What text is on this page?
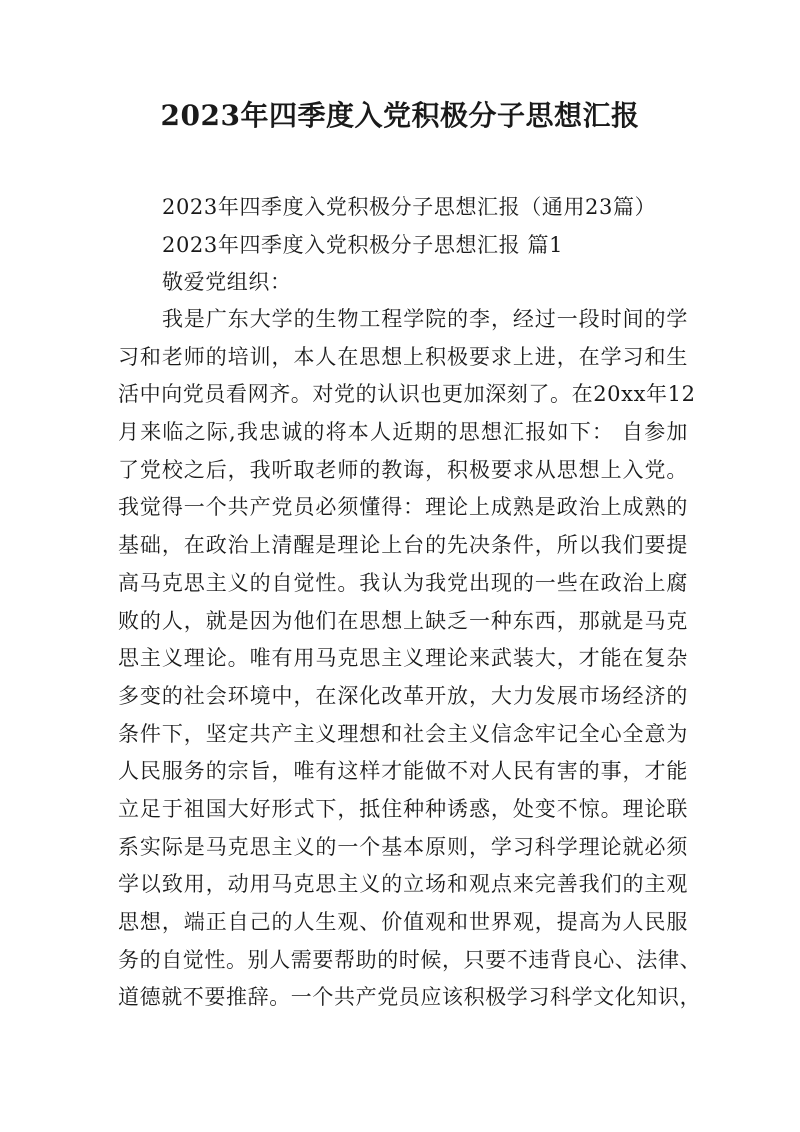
2023年四季度入党积极分子思想汇报
2023年四季度入党积极分子思想汇报（通用23篇）
2023年四季度入党积极分子思想汇报 篇1
敬爱党组织：
我是广东大学的生物工程学院的李，经过一段时间的学
习和老师的培训，本人在思想上积极要求上进，在学习和生
活中向党员看网齐。对党的认识也更加深刻了。在20xx年12
月来临之际,我忠诚的将本人近期的思想汇报如下： 自参加
了党校之后，我听取老师的教诲，积极要求从思想上入党。
我觉得一个共产党员必须懂得：理论上成熟是政治上成熟的
基础，在政治上清醒是理论上台的先决条件，所以我们要提
高马克思主义的自觉性。我认为我党出现的一些在政治上腐
败的人，就是因为他们在思想上缺乏一种东西，那就是马克
思主义理论。唯有用马克思主义理论来武装大，才能在复杂
多变的社会环境中，在深化改革开放，大力发展市场经济的
条件下，坚定共产主义理想和社会主义信念牢记全心全意为
人民服务的宗旨，唯有这样才能做不对人民有害的事，才能
立足于祖国大好形式下，抵住种种诱惑，处变不惊。理论联
系实际是马克思主义的一个基本原则，学习科学理论就必须
学以致用，动用马克思主义的立场和观点来完善我们的主观
思想，端正自己的人生观、价值观和世界观，提高为人民服
务的自觉性。别人需要帮助的时候，只要不违背良心、法律、
道德就不要推辞。一个共产党员应该积极学习科学文化知识，
